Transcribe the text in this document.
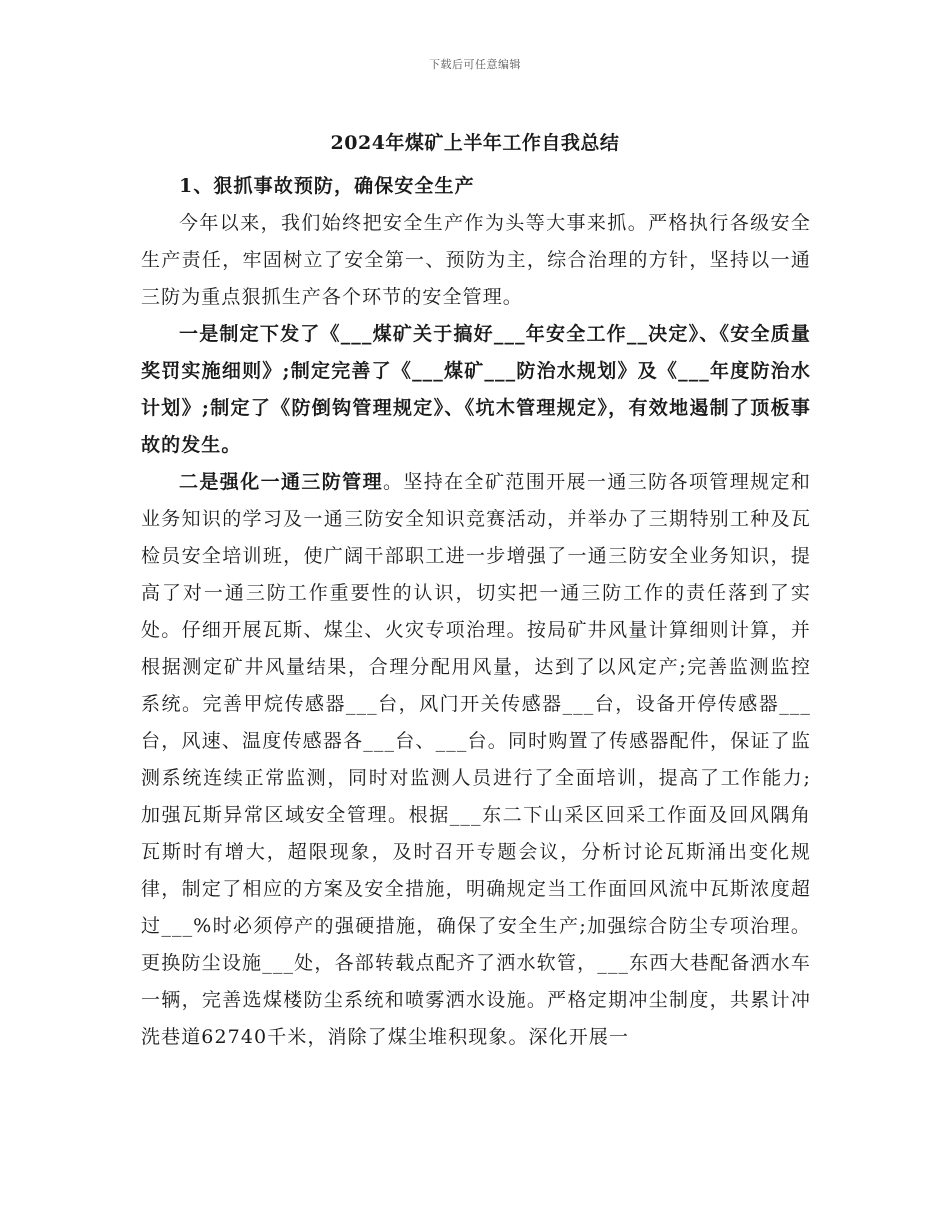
下载后可任意编辑
2024年煤矿上半年工作自我总结

1、狠抓事故预防，确保安全生产

今年以来，我们始终把安全生产作为头等大事来抓。严格执行各级安全生产责任，牢固树立了安全第一、预防为主，综合治理的方针，坚持以一通三防为重点狠抓生产各个环节的安全管理。

一是制定下发了《___煤矿关于搞好___年安全工作__决定》、《安全质量奖罚实施细则》;制定完善了《___煤矿___防治水规划》及《___年度防治水计划》;制定了《防倒钩管理规定》、《坑木管理规定》，有效地遏制了顶板事故的发生。

二是强化一通三防管理。坚持在全矿范围开展一通三防各项管理规定和业务知识的学习及一通三防安全知识竞赛活动，并举办了三期特别工种及瓦检员安全培训班，使广阔干部职工进一步增强了一通三防安全业务知识，提高了对一通三防工作重要性的认识，切实把一通三防工作的责任落到了实处。仔细开展瓦斯、煤尘、火灾专项治理。按局矿井风量计算细则计算，并根据测定矿井风量结果，合理分配用风量，达到了以风定产;完善监测监控系统。完善甲烷传感器___台，风门开关传感器___台，设备开停传感器___台，风速、温度传感器各___台、___台。同时购置了传感器配件，保证了监测系统连续正常监测，同时对监测人员进行了全面培训，提高了工作能力;加强瓦斯异常区域安全管理。根据___东二下山采区回采工作面及回风隅角瓦斯时有增大，超限现象，及时召开专题会议，分析讨论瓦斯涌出变化规律，制定了相应的方案及安全措施，明确规定当工作面回风流中瓦斯浓度超过___%时必须停产的强硬措施，确保了安全生产;加强综合防尘专项治理。更换防尘设施___处，各部转载点配齐了洒水软管，___东西大巷配备洒水车一辆，完善选煤楼防尘系统和喷雾洒水设施。严格定期冲尘制度，共累计冲洗巷道62740千米，消除了煤尘堆积现象。深化开展一
